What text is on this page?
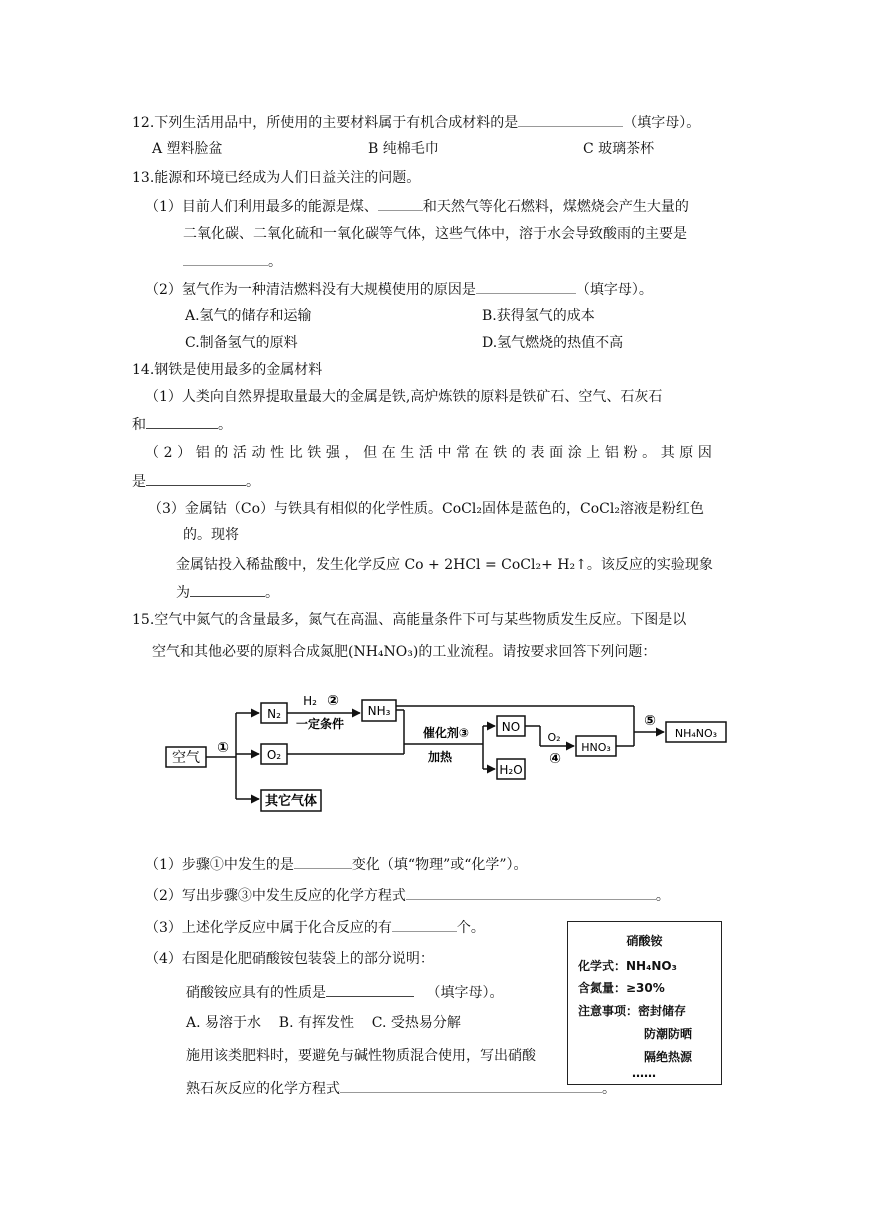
12.下列生活用品中，所使用的主要材料属于有机合成材料的是	（填字母）。
A 塑料脸盆	B 纯棉毛巾	C 玻璃茶杯
13.能源和环境已经成为人们日益关注的问题。
（1）目前人们利用最多的能源是煤、	和天然气等化石燃料，煤燃烧会产生大量的
二氧化碳、二氧化硫和一氧化碳等气体，这些气体中，溶于水会导致酸雨的主要是
。
（2）氢气作为一种清洁燃料没有大规模使用的原因是	（填字母）。
A.氢气的储存和运输	B.获得氢气的成本
C.制备氢气的原料	D.氢气燃烧的热值不高
14.钢铁是使用最多的金属材料
（1）人类向自然界提取量最大的金属是铁,高炉炼铁的原料是铁矿石、空气、石灰石
和	。
（2）铝的活动性比铁强，但在生活中常在铁的表面涂上铝粉。其原因
是	。
（3）金属钴（Co）与铁具有相似的化学性质。CoCl₂固体是蓝色的，CoCl₂溶液是粉红色
的。现将
金属钴投入稀盐酸中，发生化学反应 Co + 2HCl = CoCl₂+ H₂↑。该反应的实验现象
为	。
15.空气中氮气的含量最多，氮气在高温、高能量条件下可与某些物质发生反应。下图是以
空气和其他必要的原料合成氮肥(NH₄NO₃)的工业流程。请按要求回答下列问题：
空气
①
N₂
O₂
其它气体
H₂ ②
一定条件
NH₃
催化剂③
加热
NO
H₂O
O₂
④
HNO₃
⑤
NH₄NO₃
（1）步骤①中发生的是	变化（填“物理”或“化学”）。
（2）写出步骤③中发生反应的化学方程式	。
（3）上述化学反应中属于化合反应的有	个。
（4）右图是化肥硝酸铵包装袋上的部分说明：
硝酸铵应具有的性质是	（填字母）。
A. 易溶于水    B. 有挥发性    C. 受热易分解
施用该类肥料时，要避免与碱性物质混合使用，写出硝酸
熟石灰反应的化学方程式	。
硝酸铵
化学式：NH₄NO₃
含氮量：≥30%
注意事项：密封储存
防潮防晒
隔绝热源
……
